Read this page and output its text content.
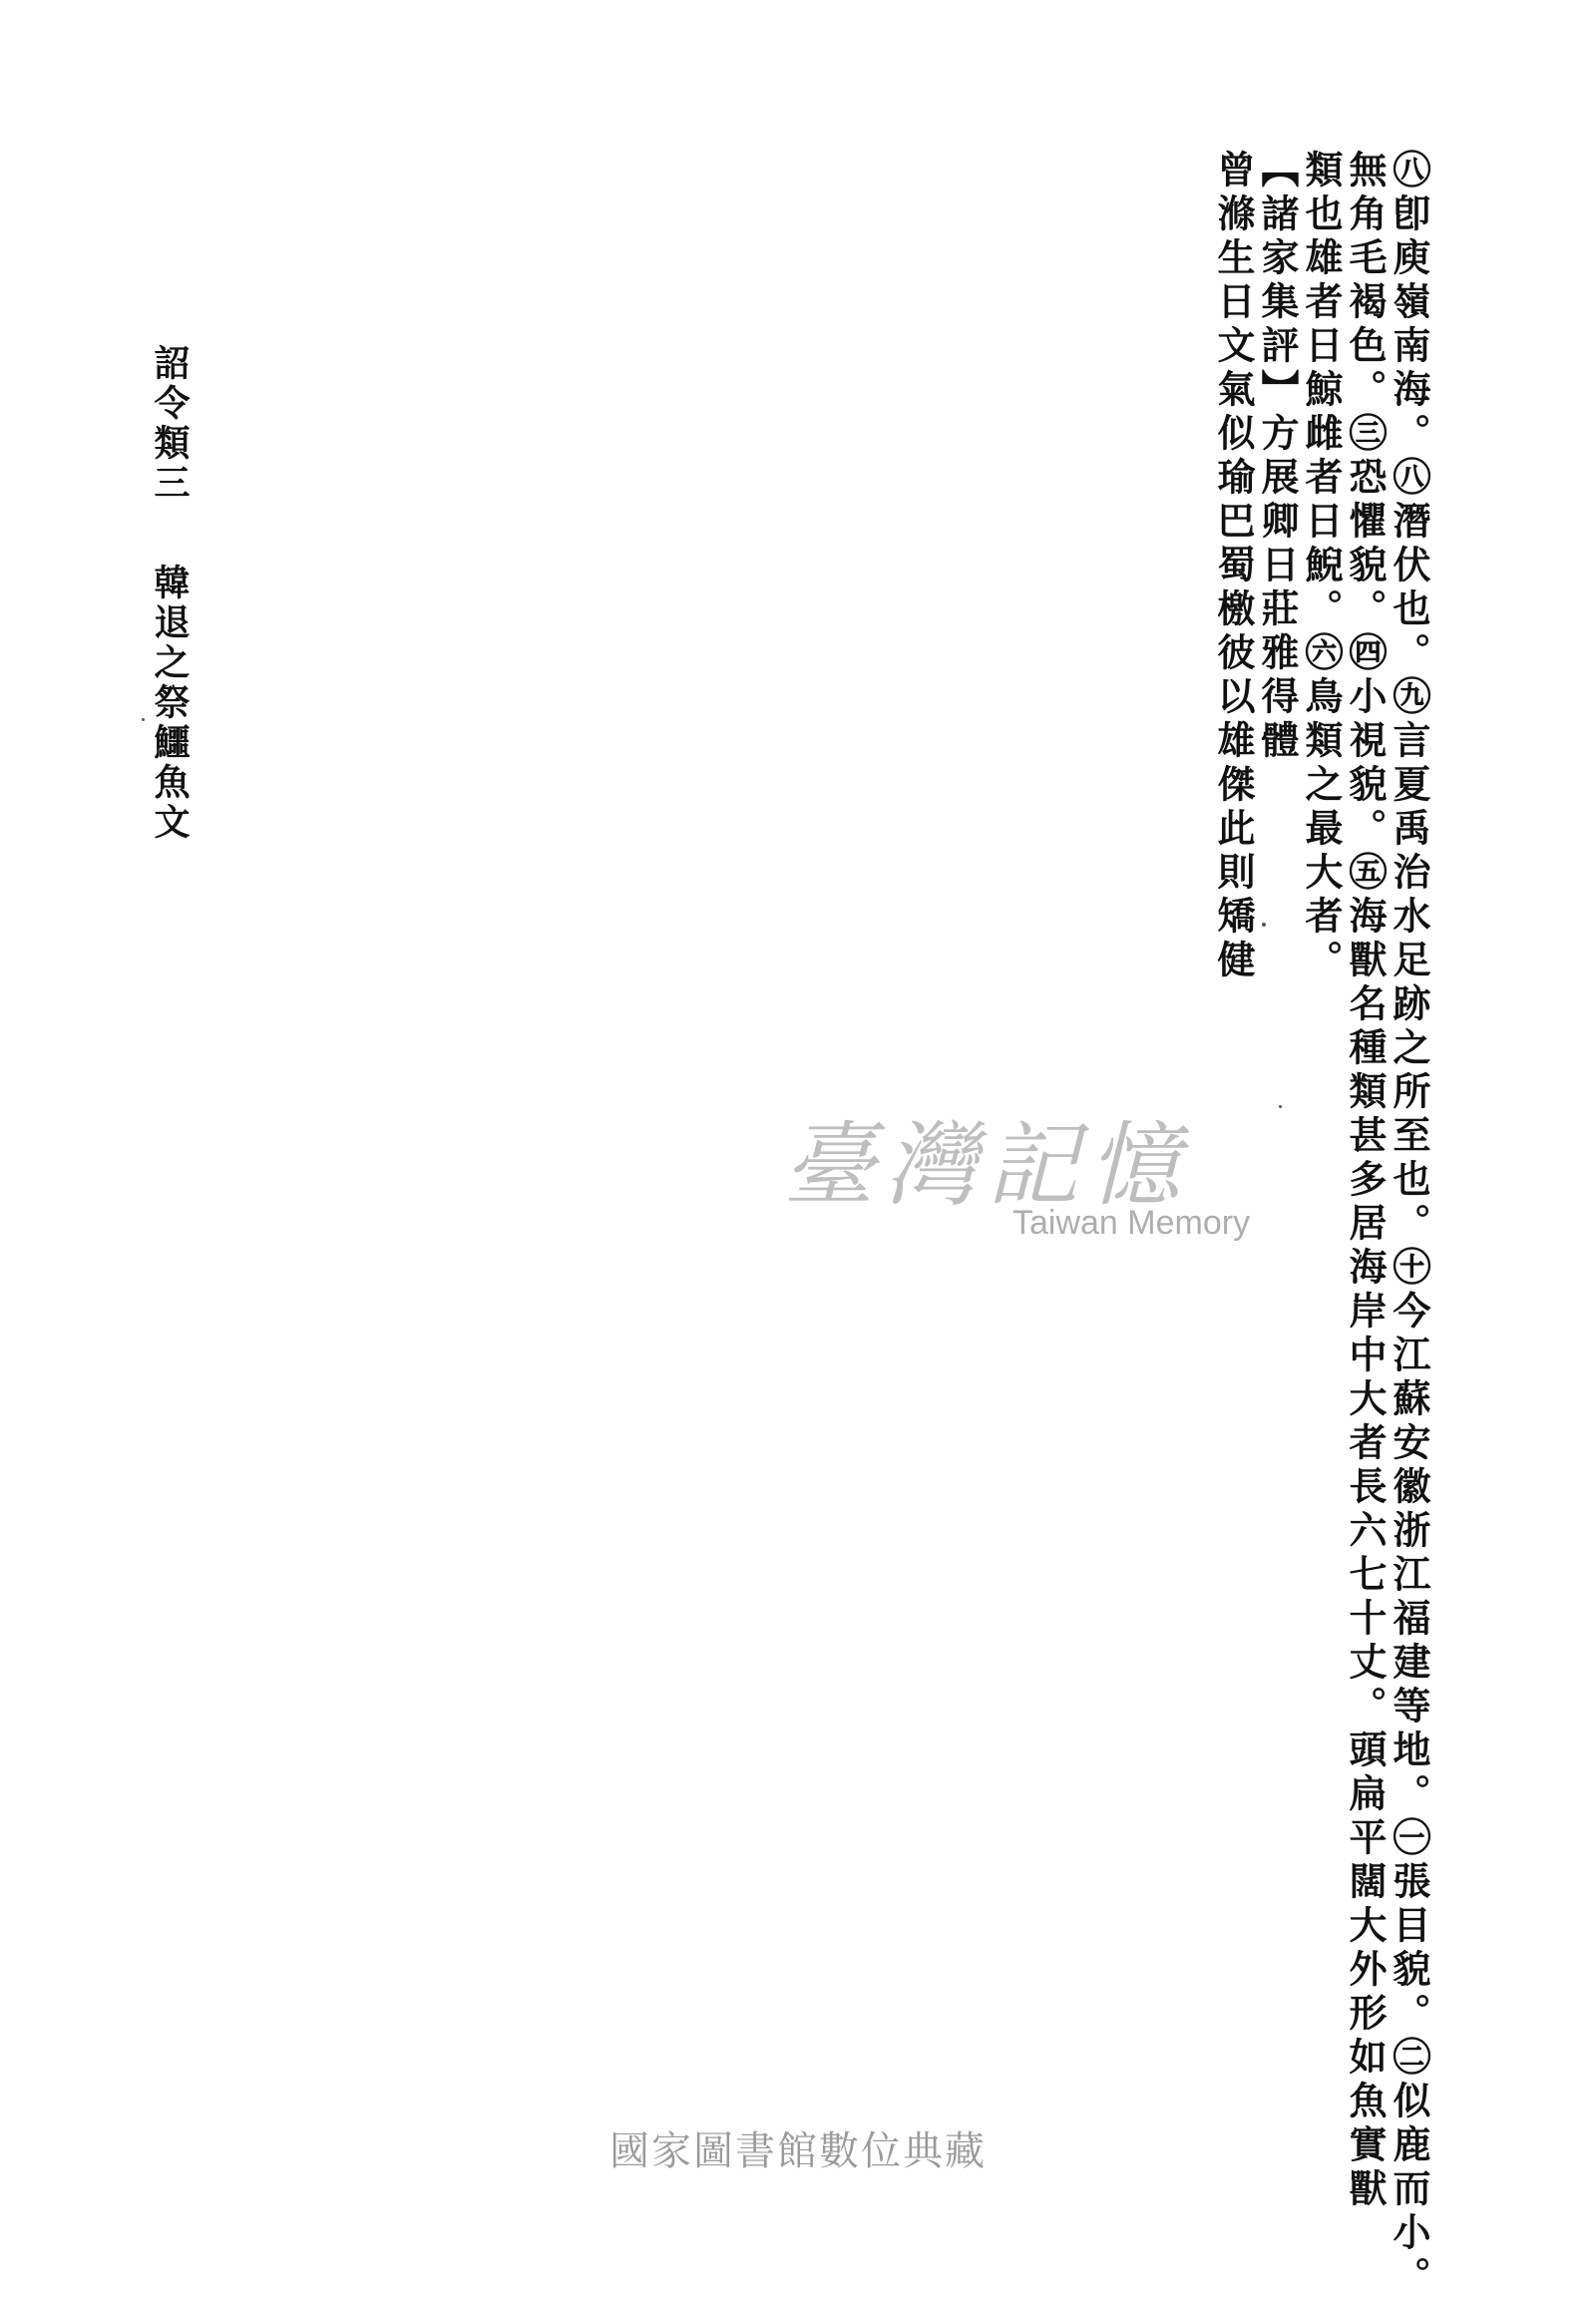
㊇卽庾嶺南海。㊇潛伏也。㊈言夏禹治水足跡之所至也。㊉今江蘇安徽浙江福建等地。㊀張目貌。㊁似鹿而小。
無角毛褐色。㊂恐懼貌。㊃小視貌。㊄海獸名種類甚多居海岸中大者長六七十丈。頭扁平闊大外形如魚實獸
類也雄者日鯨雌者日鯢。㊅鳥類之最大者。
【諸家集評】方展卿日莊雅得體
曾滌生日文氣似瑜巴蜀檄彼以雄傑此則矯健
詔令類三韓退之祭鱷魚文
臺灣記憶
Taiwan Memory
國家圖書館數位典藏
